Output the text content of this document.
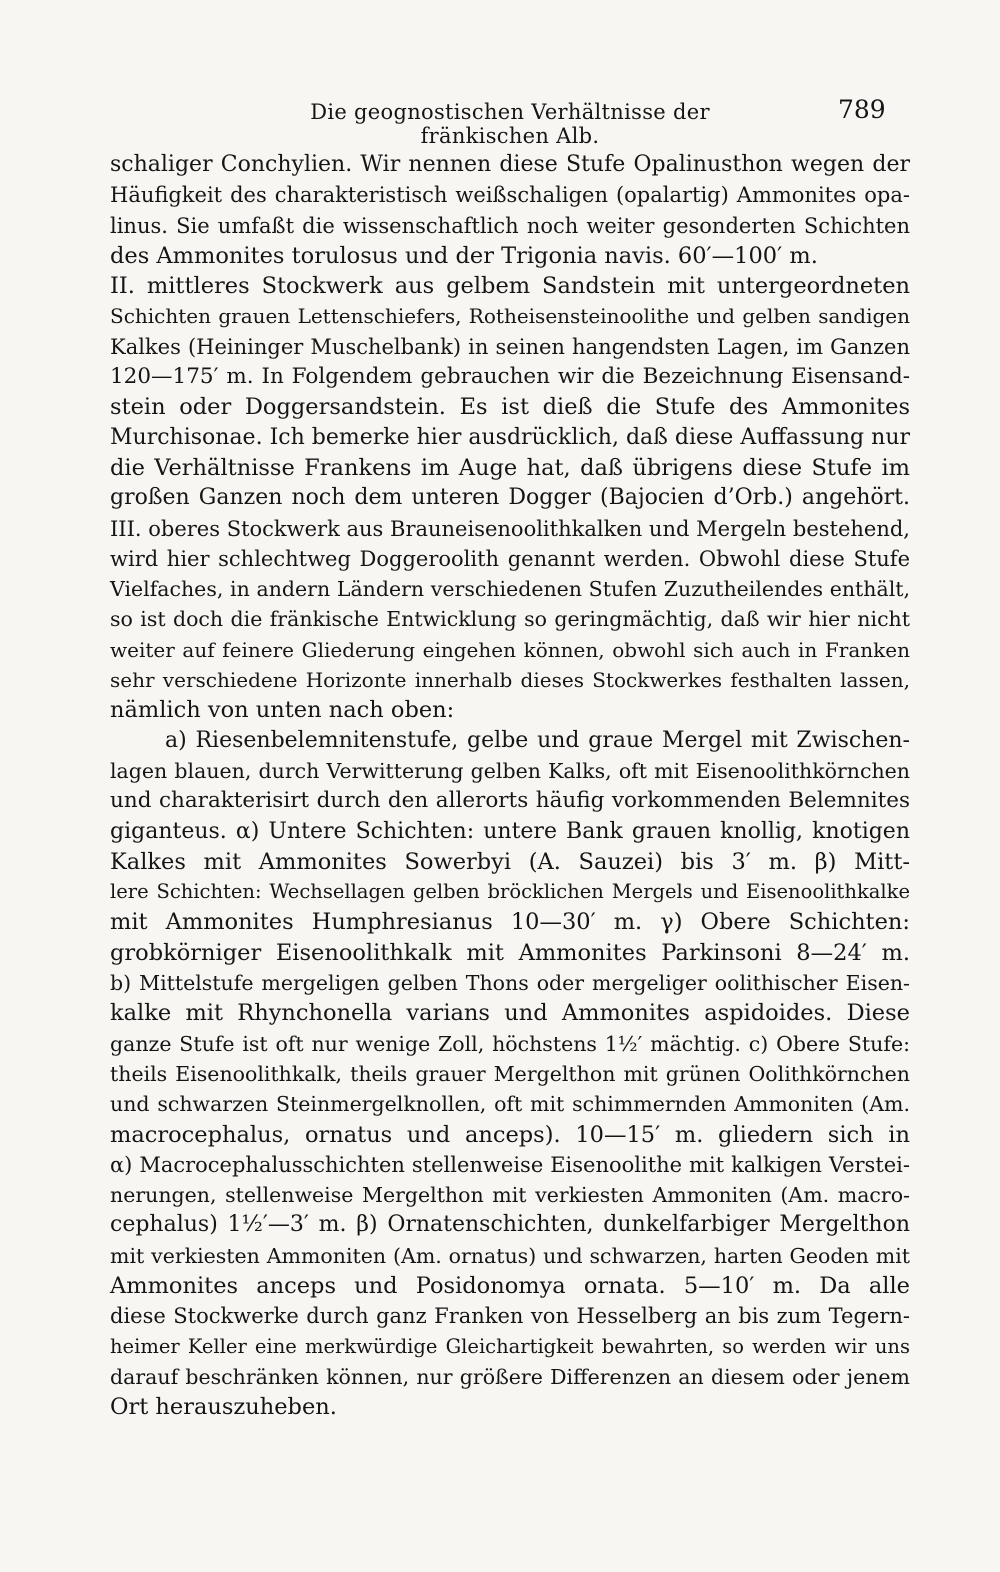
Die geognostischen Verhältnisse der fränkischen Alb.
789
schaliger Conchylien. Wir nennen diese Stufe Opalinusthon wegen der
Häufigkeit des charakteristisch weißschaligen (opalartig) Ammonites opa-
linus. Sie umfaßt die wissenschaftlich noch weiter gesonderten Schichten
des Ammonites torulosus und der Trigonia navis. 60′—100′ m.
II. mittleres Stockwerk aus gelbem Sandstein mit untergeordneten
Schichten grauen Lettenschiefers, Rotheisensteinoolithe und gelben sandigen
Kalkes (Heininger Muschelbank) in seinen hangendsten Lagen, im Ganzen
120—175′ m. In Folgendem gebrauchen wir die Bezeichnung Eisensand-
stein oder Doggersandstein. Es ist dieß die Stufe des Ammonites
Murchisonae. Ich bemerke hier ausdrücklich, daß diese Auffassung nur
die Verhältnisse Frankens im Auge hat, daß übrigens diese Stufe im
großen Ganzen noch dem unteren Dogger (Bajocien d’Orb.) angehört.
III. oberes Stockwerk aus Brauneisenoolithkalken und Mergeln bestehend,
wird hier schlechtweg Doggeroolith genannt werden. Obwohl diese Stufe
Vielfaches, in andern Ländern verschiedenen Stufen Zuzutheilendes enthält,
so ist doch die fränkische Entwicklung so geringmächtig, daß wir hier nicht
weiter auf feinere Gliederung eingehen können, obwohl sich auch in Franken
sehr verschiedene Horizonte innerhalb dieses Stockwerkes festhalten lassen,
nämlich von unten nach oben:
a) Riesenbelemnitenstufe, gelbe und graue Mergel mit Zwischen-
lagen blauen, durch Verwitterung gelben Kalks, oft mit Eisenoolithkörnchen
und charakterisirt durch den allerorts häufig vorkommenden Belemnites
giganteus. α) Untere Schichten: untere Bank grauen knollig, knotigen
Kalkes mit Ammonites Sowerbyi (A. Sauzei) bis 3′ m. β) Mitt-
lere Schichten: Wechsellagen gelben bröcklichen Mergels und Eisenoolithkalke
mit Ammonites Humphresianus 10—30′ m. γ) Obere Schichten:
grobkörniger Eisenoolithkalk mit Ammonites Parkinsoni 8—24′ m.
b) Mittelstufe mergeligen gelben Thons oder mergeliger oolithischer Eisen-
kalke mit Rhynchonella varians und Ammonites aspidoides. Diese
ganze Stufe ist oft nur wenige Zoll, höchstens 1½′ mächtig. c) Obere Stufe:
theils Eisenoolithkalk, theils grauer Mergelthon mit grünen Oolithkörnchen
und schwarzen Steinmergelknollen, oft mit schimmernden Ammoniten (Am.
macrocephalus, ornatus und anceps). 10—15′ m. gliedern sich in
α) Macrocephalusschichten stellenweise Eisenoolithe mit kalkigen Verstei-
nerungen, stellenweise Mergelthon mit verkiesten Ammoniten (Am. macro-
cephalus) 1½′—3′ m. β) Ornatenschichten, dunkelfarbiger Mergelthon
mit verkiesten Ammoniten (Am. ornatus) und schwarzen, harten Geoden mit
Ammonites anceps und Posidonomya ornata. 5—10′ m. Da alle
diese Stockwerke durch ganz Franken von Hesselberg an bis zum Tegern-
heimer Keller eine merkwürdige Gleichartigkeit bewahrten, so werden wir uns
darauf beschränken können, nur größere Differenzen an diesem oder jenem
Ort herauszuheben.
